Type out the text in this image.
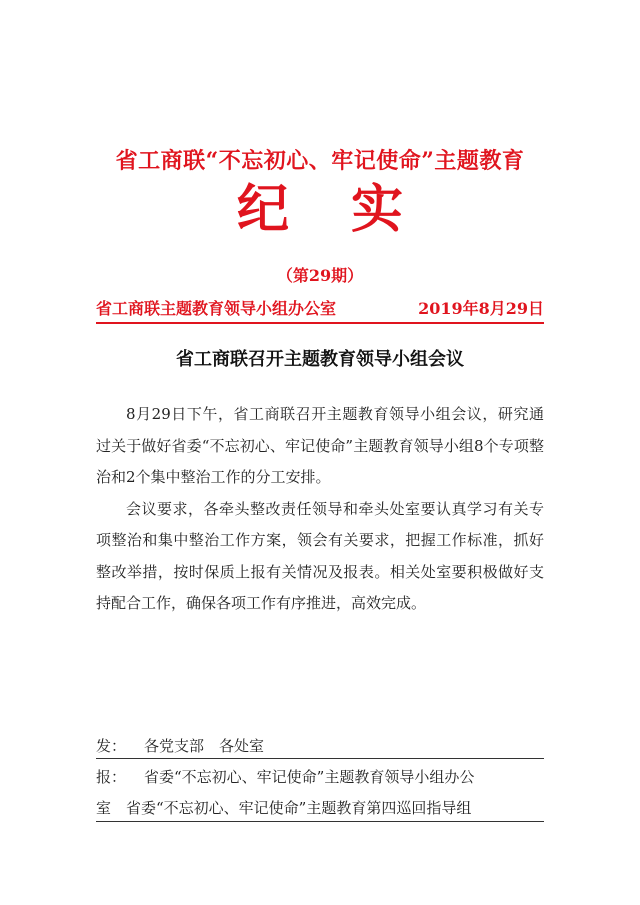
省工商联“不忘初心、牢记使命”主题教育
纪 实
（第29期）
省工商联主题教育领导小组办公室	2019年8月29日
省工商联召开主题教育领导小组会议

8月29日下午，省工商联召开主题教育领导小组会议，研究通过关于做好省委“不忘初心、牢记使命”主题教育领导小组8个专项整治和2个集中整治工作的分工安排。

会议要求，各牵头整改责任领导和牵头处室要认真学习有关专项整治和集中整治工作方案，领会有关要求，把握工作标准，抓好整改举措，按时保质上报有关情况及报表。相关处室要积极做好支持配合工作，确保各项工作有序推进，高效完成。

发： 各党支部　各处室
报： 省委“不忘初心、牢记使命”主题教育领导小组办公
室　省委“不忘初心、牢记使命”主题教育第四巡回指导组
